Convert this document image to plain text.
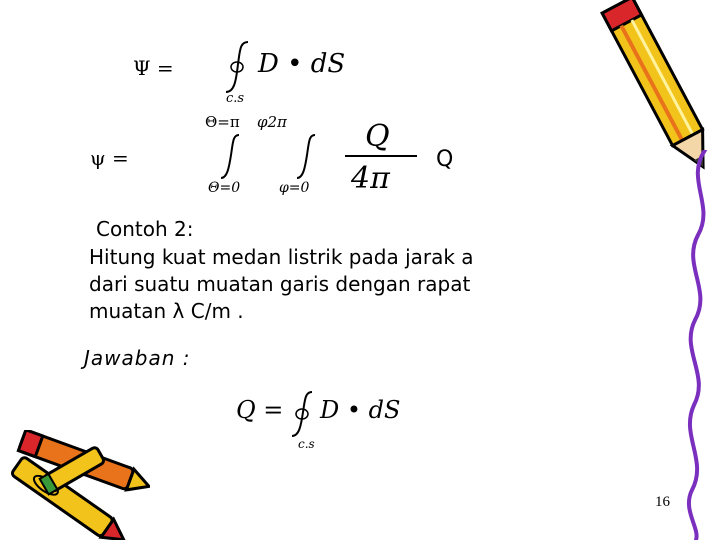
Ψ =	D • dS
c.s
ψ =
Θ=π φ2π
Θ=0	φ=0
Q
4π
Q
Contoh 2:
Hitung kuat medan listrik pada jarak a
dari suatu muatan garis dengan rapat
muatan λ C/m .
Jawaban :
Q = D • dS
c.s
16
